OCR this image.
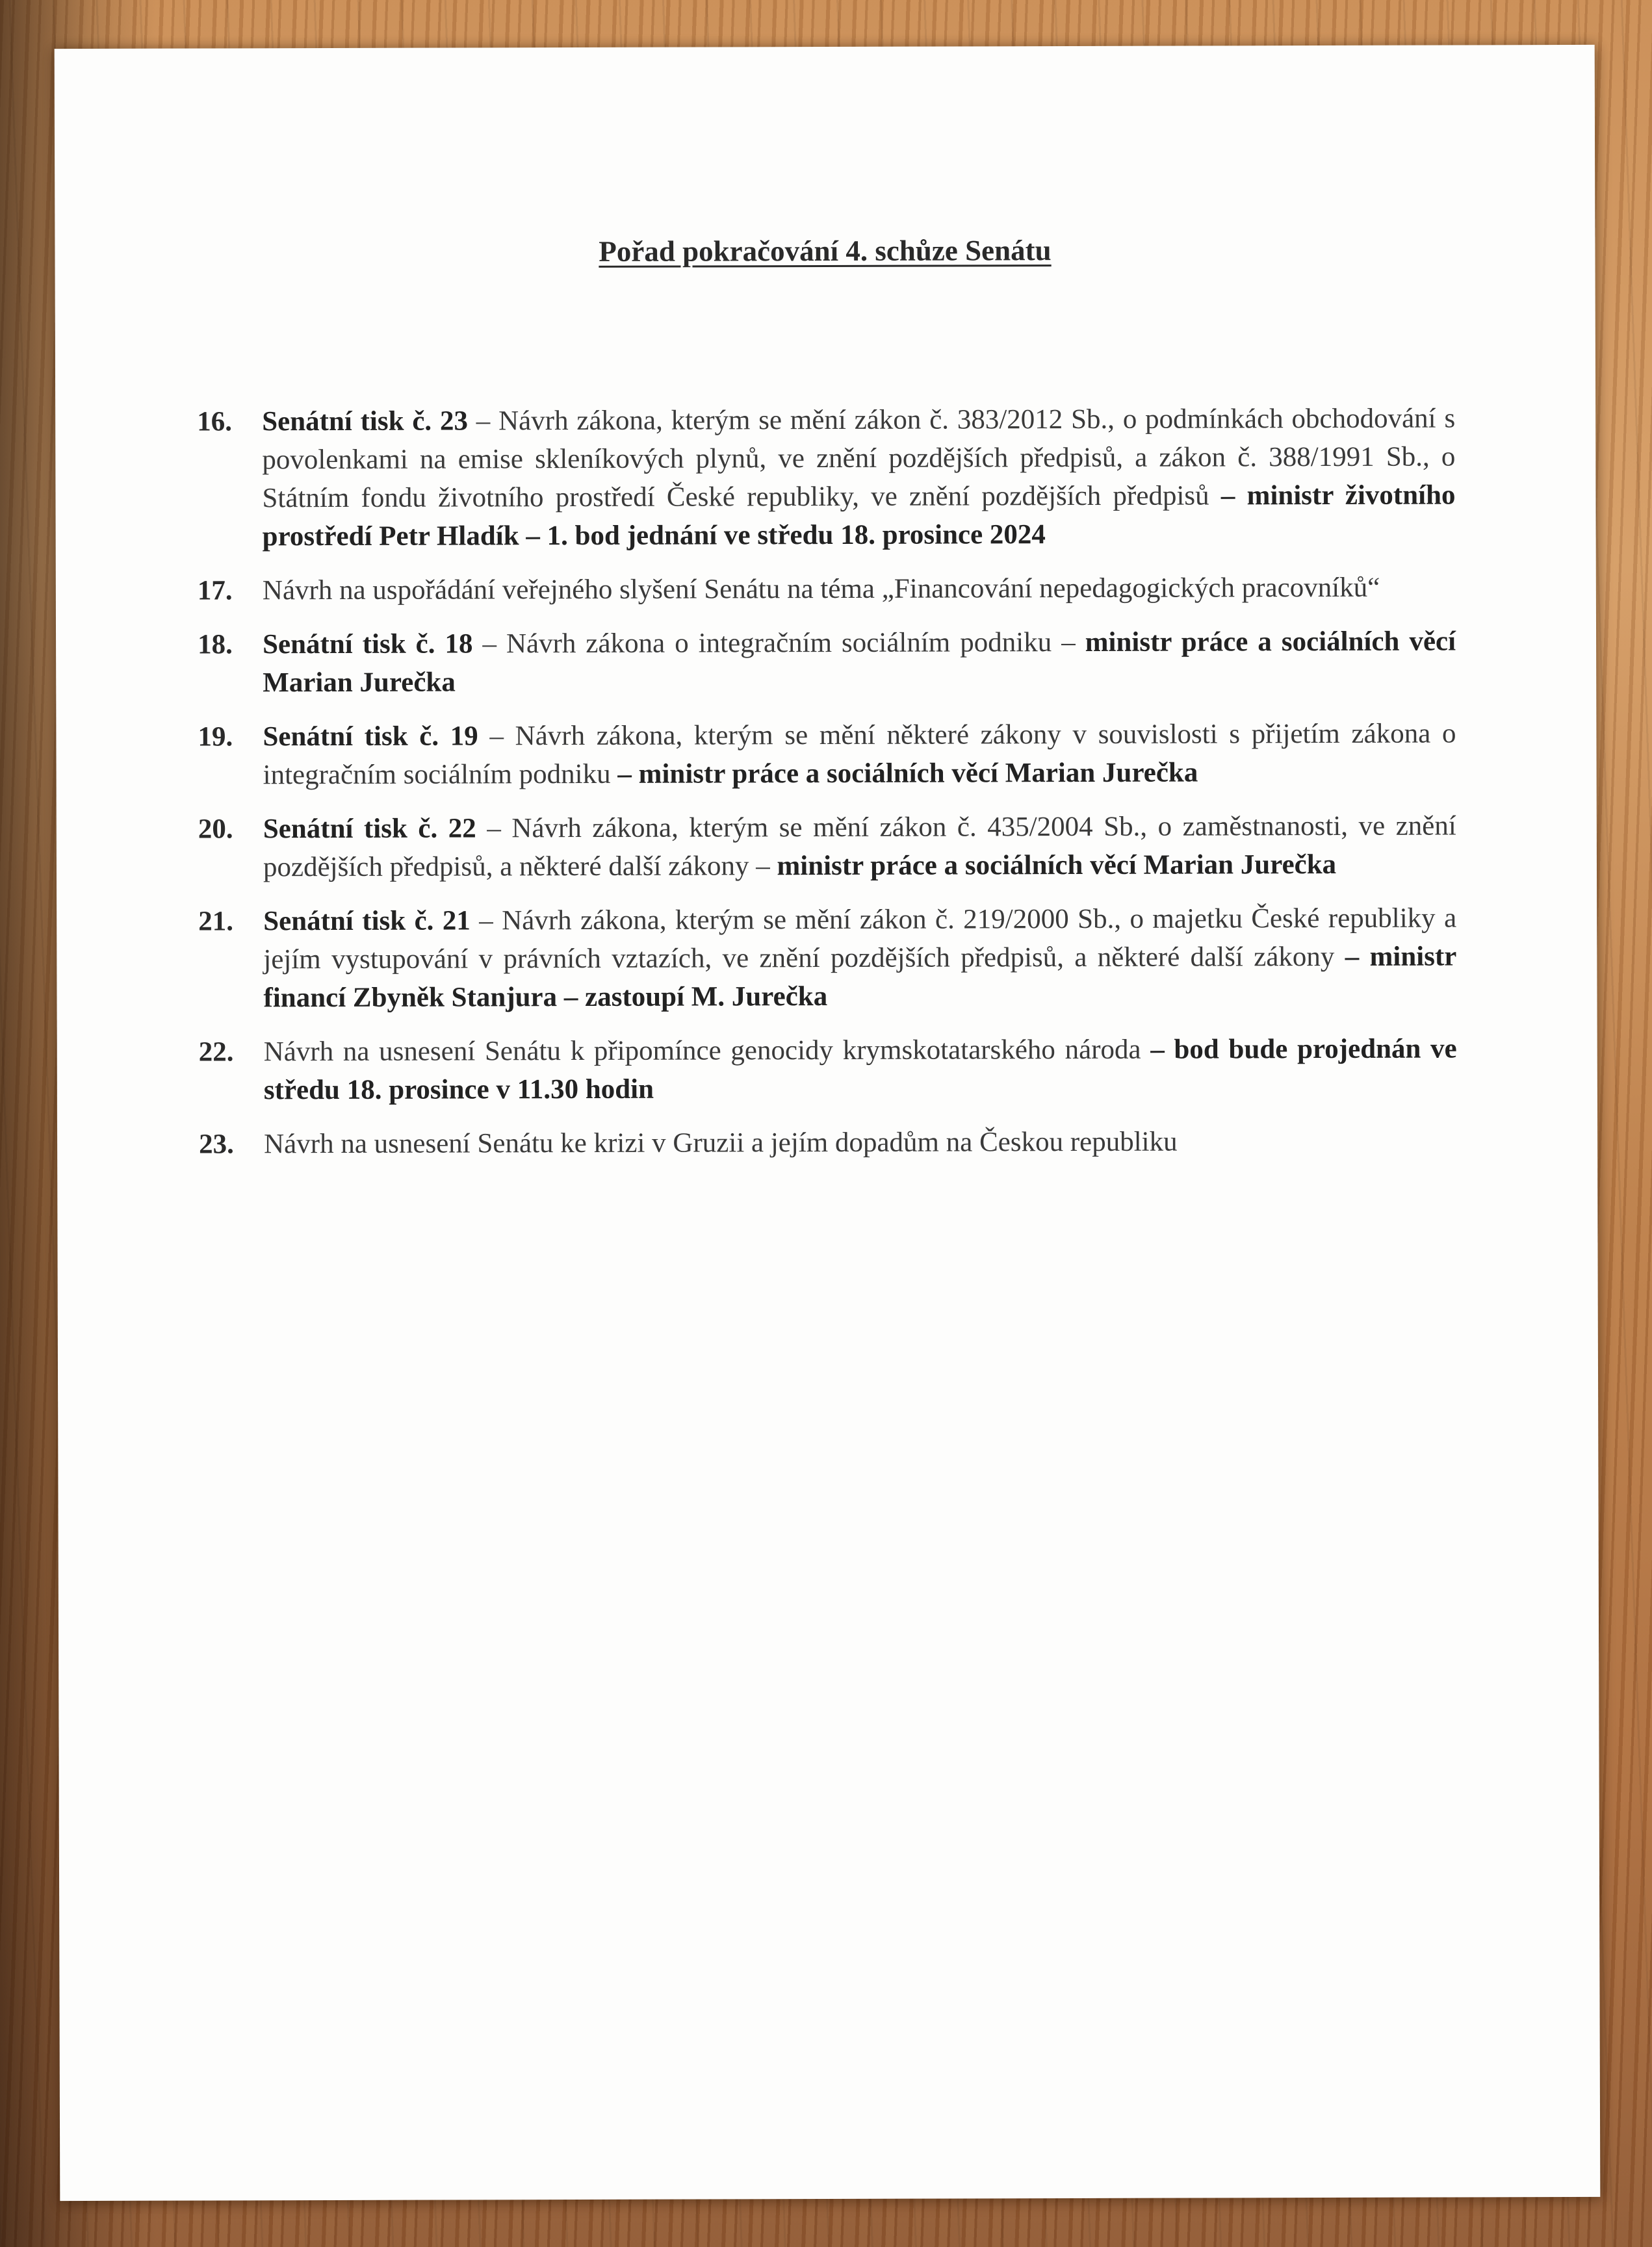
Pořad pokračování 4. schůze Senátu
16. Senátní tisk č. 23 – Návrh zákona, kterým se mění zákon č. 383/2012 Sb., o podmínkách obchodování s povolenkami na emise skleníkových plynů, ve znění pozdějších předpisů, a zákon č. 388/1991 Sb., o Státním fondu životního prostředí České republiky, ve znění pozdějších předpisů – ministr životního prostředí Petr Hladík – 1. bod jednání ve středu 18. prosince 2024
17. Návrh na uspořádání veřejného slyšení Senátu na téma „Financování nepedagogických pracovníků“
18. Senátní tisk č. 18 – Návrh zákona o integračním sociálním podniku – ministr práce a sociálních věcí Marian Jurečka
19. Senátní tisk č. 19 – Návrh zákona, kterým se mění některé zákony v souvislosti s přijetím zákona o integračním sociálním podniku – ministr práce a sociálních věcí Marian Jurečka
20. Senátní tisk č. 22 – Návrh zákona, kterým se mění zákon č. 435/2004 Sb., o zaměstnanosti, ve znění pozdějších předpisů, a některé další zákony – ministr práce a sociálních věcí Marian Jurečka
21. Senátní tisk č. 21 – Návrh zákona, kterým se mění zákon č. 219/2000 Sb., o majetku České republiky a jejím vystupování v právních vztazích, ve znění pozdějších předpisů, a některé další zákony – ministr financí Zbyněk Stanjura – zastoupí M. Jurečka
22. Návrh na usnesení Senátu k připomínce genocidy krymskotatarského národa – bod bude projednán ve středu 18. prosince v 11.30 hodin
23. Návrh na usnesení Senátu ke krizi v Gruzii a jejím dopadům na Českou republiku
